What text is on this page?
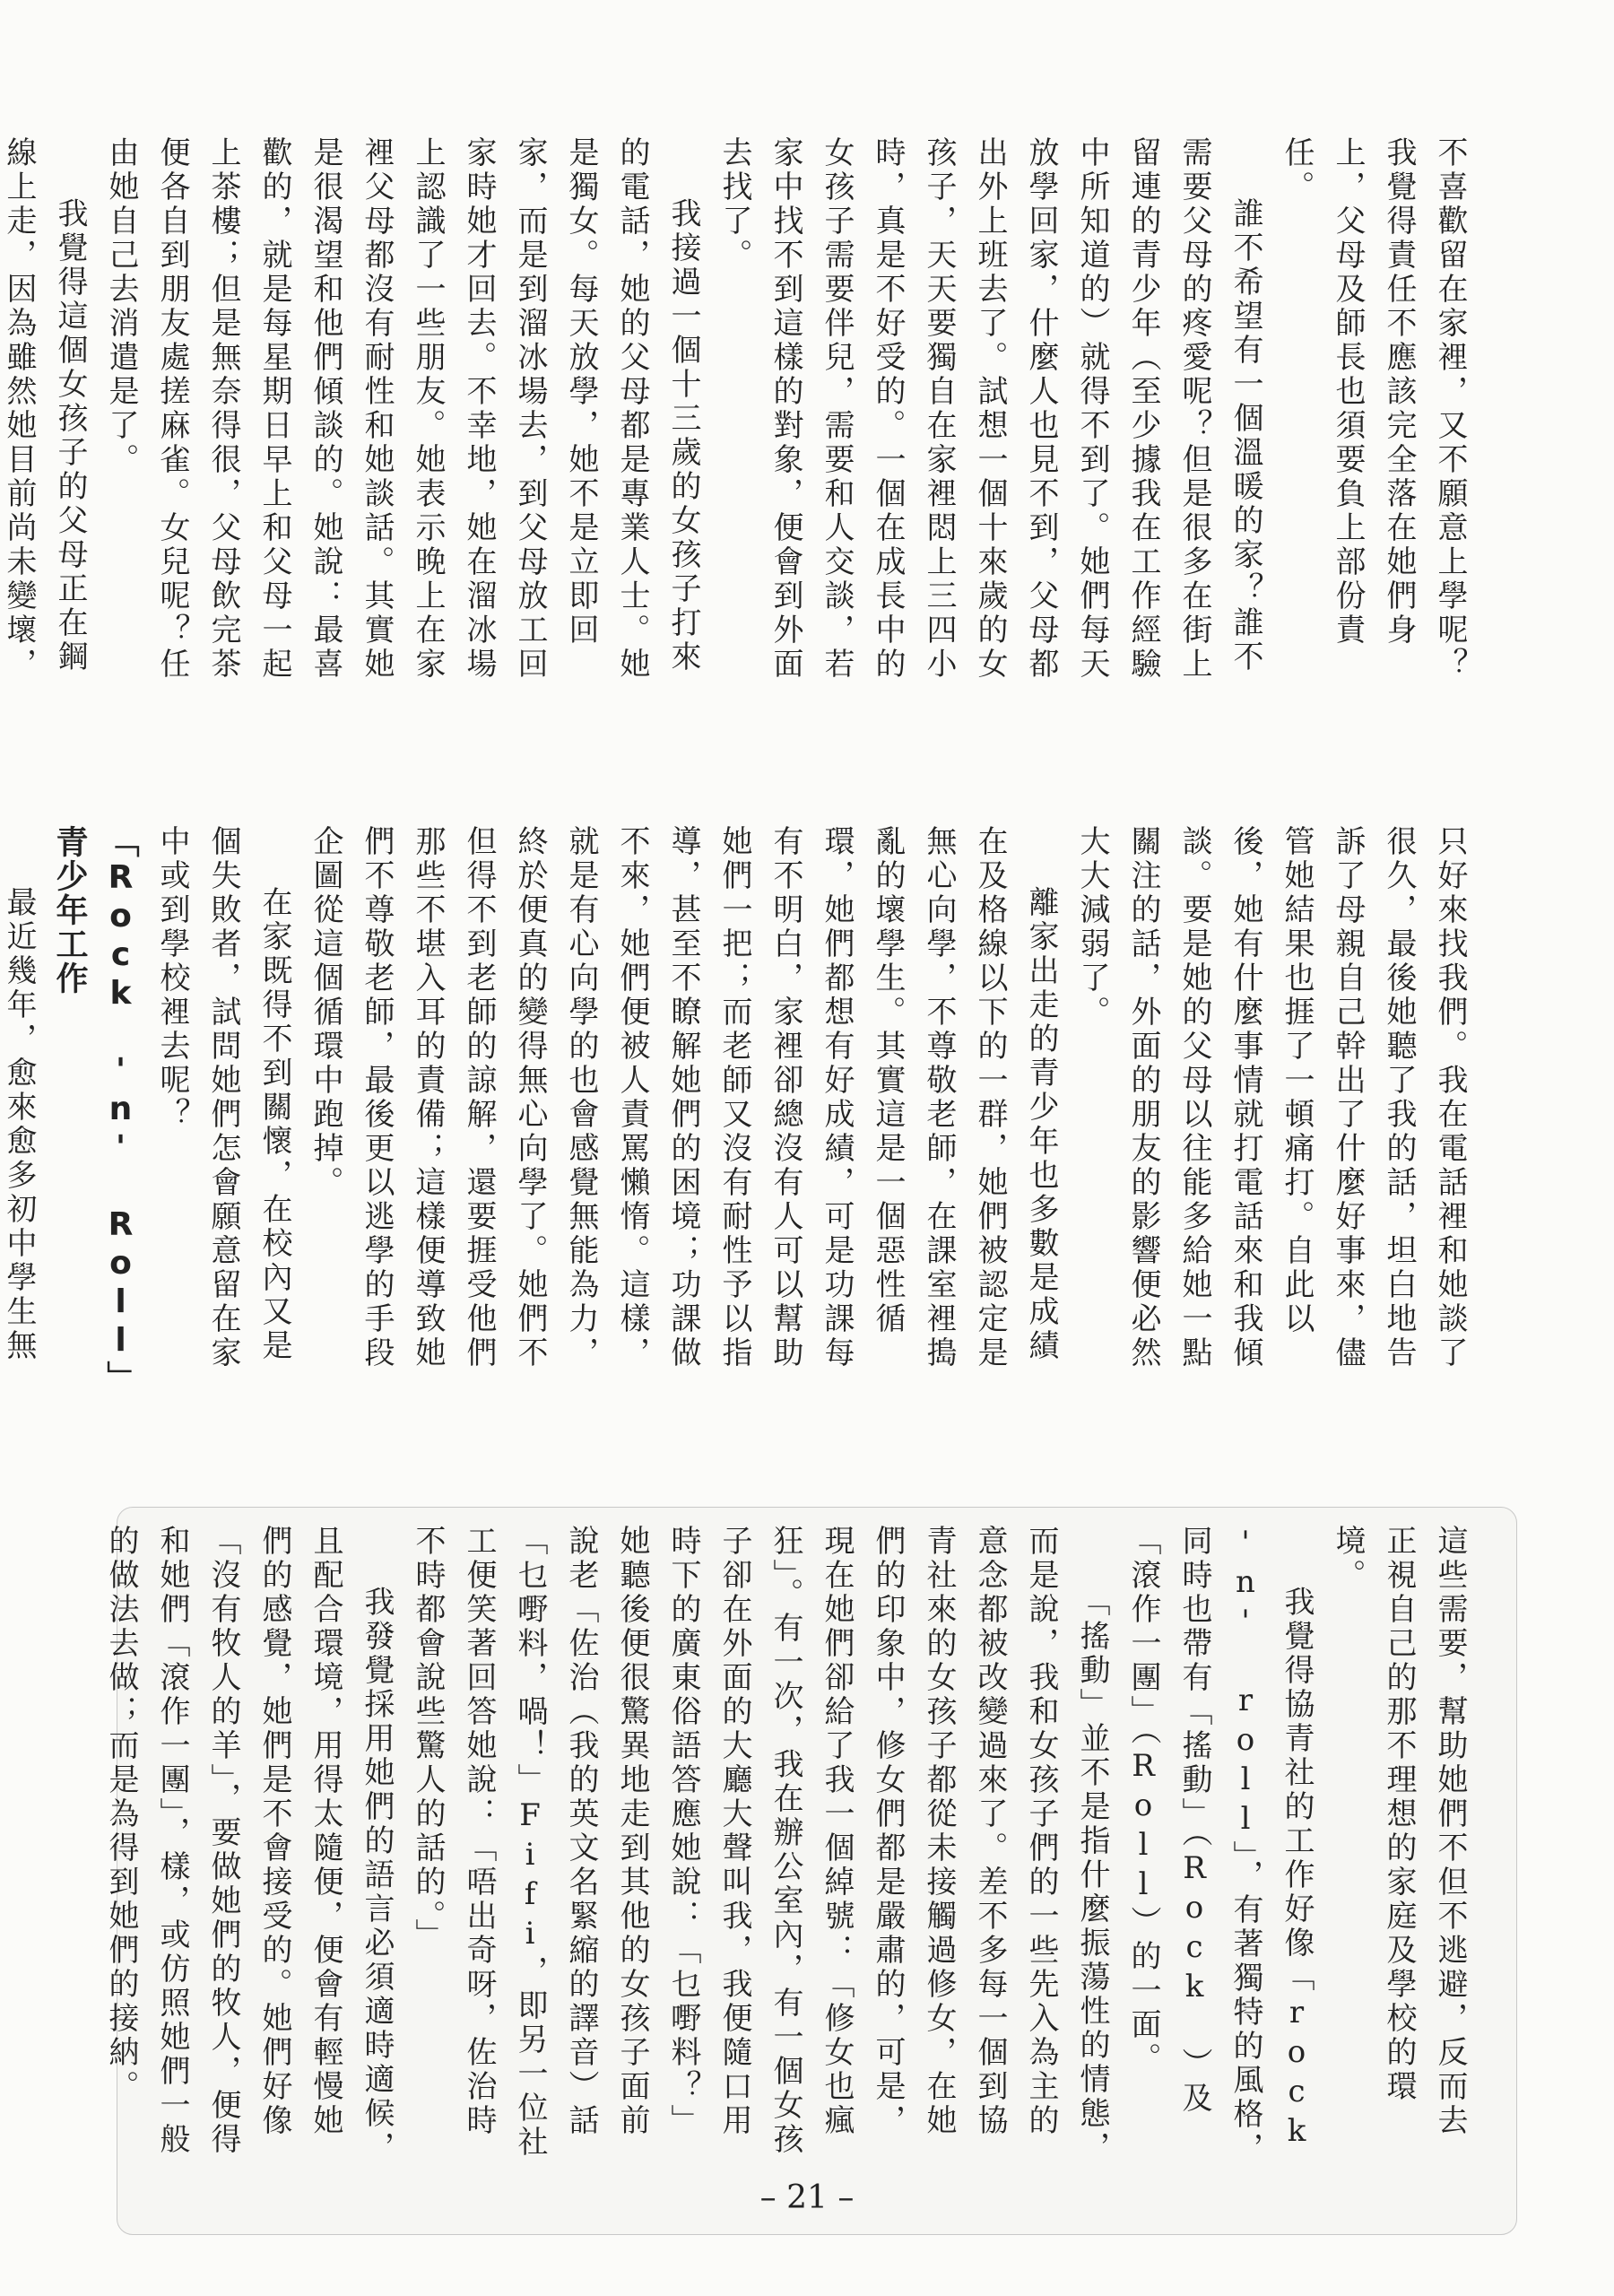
不喜歡留在家裡，又不願意上學呢？我覺得責任不應該完全落在她們身上，父母及師長也須要負上部份責任。

誰不希望有一個溫暖的家？誰不需要父母的疼愛呢？但是很多在街上留連的青少年（至少據我在工作經驗中所知道的）就得不到了。她們每天放學回家，什麼人也見不到，父母都出外上班去了。試想一個十來歲的女孩子，天天要獨自在家裡悶上三四小時，真是不好受的。一個在成長中的女孩子需要伴兒，需要和人交談，若家中找不到這樣的對象，便會到外面去找了。

我接過一個十三歲的女孩子打來的電話，她的父母都是專業人士。她是獨女。每天放學，她不是立即回家，而是到溜冰場去，到父母放工回家時她才回去。不幸地，她在溜冰場上認識了一些朋友。她表示晚上在家裡父母都沒有耐性和她談話。其實她是很渴望和他們傾談的。她說：最喜歡的，就是每星期日早上和父母一起上茶樓；但是無奈得很，父母飲完茶便各自到朋友處搓麻雀。女兒呢？任由她自己去消遣是了。

我覺得這個女孩子的父母正在鋼線上走，因為雖然她目前尚未變壞，

只好來找我們。我在電話裡和她談了很久，最後她聽了我的話，坦白地告訴了母親自己幹出了什麼好事來，儘管她結果也捱了一頓痛打。自此以後，她有什麼事情就打電話來和我傾談。要是她的父母以往能多給她一點關注的話，外面的朋友的影響便必然大大減弱了。

離家出走的青少年也多數是成績在及格線以下的一群，她們被認定是無心向學，不尊敬老師，在課室裡搗亂的壞學生。其實這是一個惡性循環，她們都想有好成績，可是功課每有不明白，家裡卻總沒有人可以幫助她們一把；而老師又沒有耐性予以指導，甚至不瞭解她們的困境；功課做不來，她們便被人責罵懶惰。這樣，就是有心向學的也會感覺無能為力，終於便真的變得無心向學了。她們不但得不到老師的諒解，還要捱受他們那些不堪入耳的責備；這樣便導致她們不尊敬老師，最後更以逃學的手段企圖從這個循環中跑掉。

在家既得不到關懷，在校內又是個失敗者，試問她們怎會願意留在家中或到學校裡去呢？

「Rock 'n' Roll」青少年工作

最近幾年，愈來愈多初中學生無

這些需要，幫助她們不但不逃避，反而去正視自己的那不理想的家庭及學校的環境。

我覺得協青社的工作好像「rock 'n' roll」，有著獨特的風格，同時也帶有「搖動」（Rock ）及「滾作一團」（Roll）的一面。

「搖動」並不是指什麼振蕩性的情態，而是說，我和女孩子們的一些先入為主的意念都被改變過來了。差不多每一個到協青社來的女孩子都從未接觸過修女，在她們的印象中，修女們都是嚴肅的，可是，現在她們卻給了我一個綽號：「修女也瘋狂」。有一次，我在辦公室內，有一個女孩子卻在外面的大廳大聲叫我，我便隨口用時下的廣東俗語答應她說：「乜嘢料？」她聽後便很驚異地走到其他的女孩子面前說老「佐治（我的英文名緊縮的譯音）話「乜嘢料，喎！」Fifi，即另一位社工便笑著回答她說：「唔出奇呀，佐治時不時都會說些驚人的話的。」

我發覺採用她們的語言必須適時適候，且配合環境，用得太隨便，便會有輕慢她們的感覺，她們是不會接受的。她們好像「沒有牧人的羊」，要做她們的牧人，便得和她們「滾作一團」，樣，或仿照她們一般的做法去做；而是為得到她們的接納。

– 21 –
